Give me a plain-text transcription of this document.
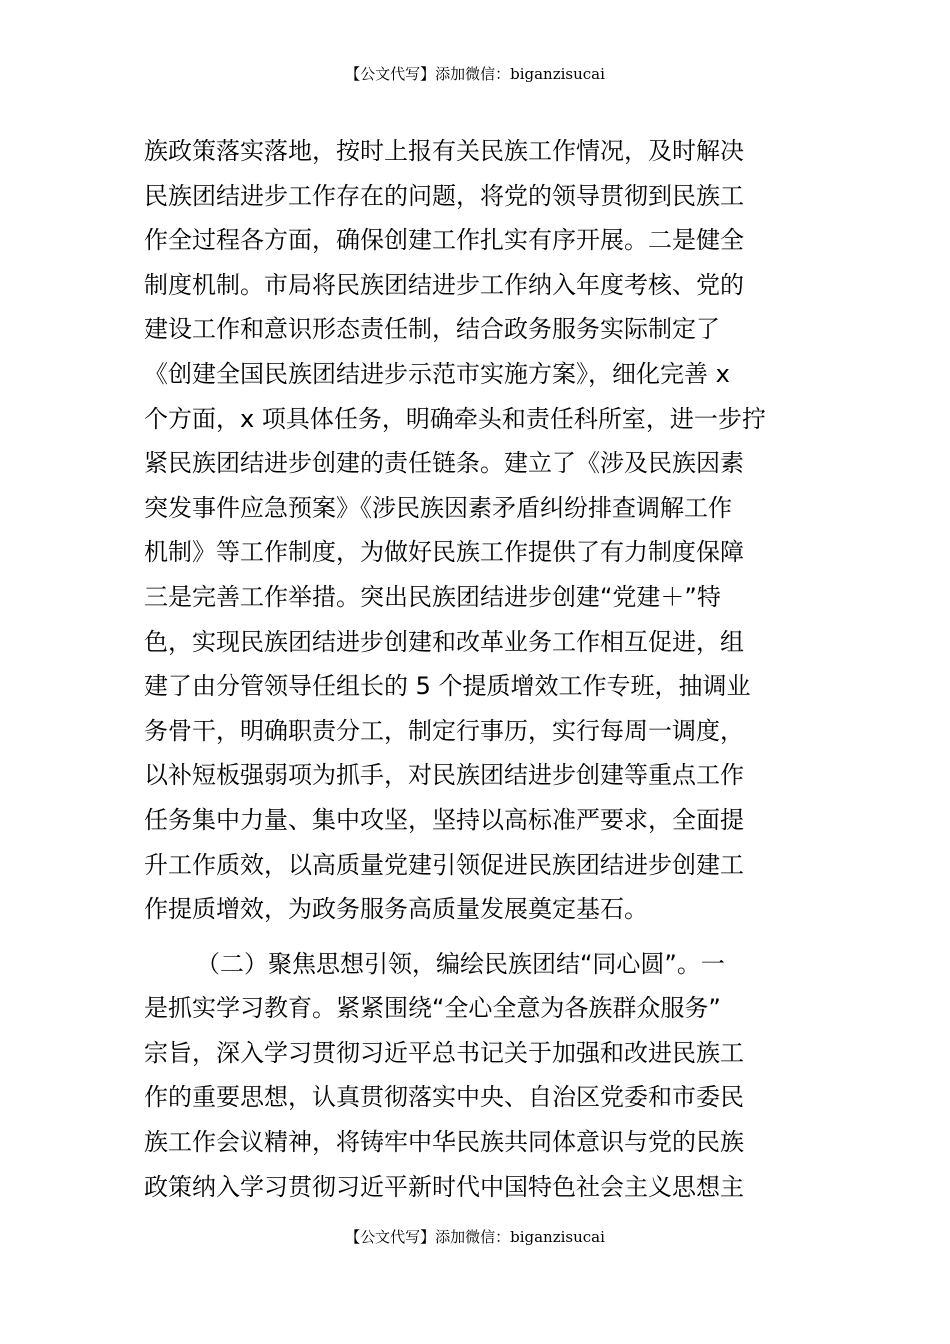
【公文代写】添加微信：biganzisucai
族政策落实落地，按时上报有关民族工作情况，及时解决
民族团结进步工作存在的问题，将党的领导贯彻到民族工
作全过程各方面，确保创建工作扎实有序开展。二是健全
制度机制。市局将民族团结进步工作纳入年度考核、党的
建设工作和意识形态责任制，结合政务服务实际制定了
《创建全国民族团结进步示范市实施方案》，细化完善 x
个方面，x 项具体任务，明确牵头和责任科所室，进一步拧
紧民族团结进步创建的责任链条。建立了《涉及民族因素
突发事件应急预案》《涉民族因素矛盾纠纷排查调解工作
机制》等工作制度，为做好民族工作提供了有力制度保障
三是完善工作举措。突出民族团结进步创建“党建＋”特
色，实现民族团结进步创建和改革业务工作相互促进，组
建了由分管领导任组长的 5 个提质增效工作专班，抽调业
务骨干，明确职责分工，制定行事历，实行每周一调度，
以补短板强弱项为抓手，对民族团结进步创建等重点工作
任务集中力量、集中攻坚，坚持以高标准严要求，全面提
升工作质效，以高质量党建引领促进民族团结进步创建工
作提质增效，为政务服务高质量发展奠定基石。
（二）聚焦思想引领，编绘民族团结“同心圆”。一
是抓实学习教育。紧紧围绕“全心全意为各族群众服务”
宗旨，深入学习贯彻习近平总书记关于加强和改进民族工
作的重要思想，认真贯彻落实中央、自治区党委和市委民
族工作会议精神，将铸牢中华民族共同体意识与党的民族
政策纳入学习贯彻习近平新时代中国特色社会主义思想主
【公文代写】添加微信：biganzisucai
